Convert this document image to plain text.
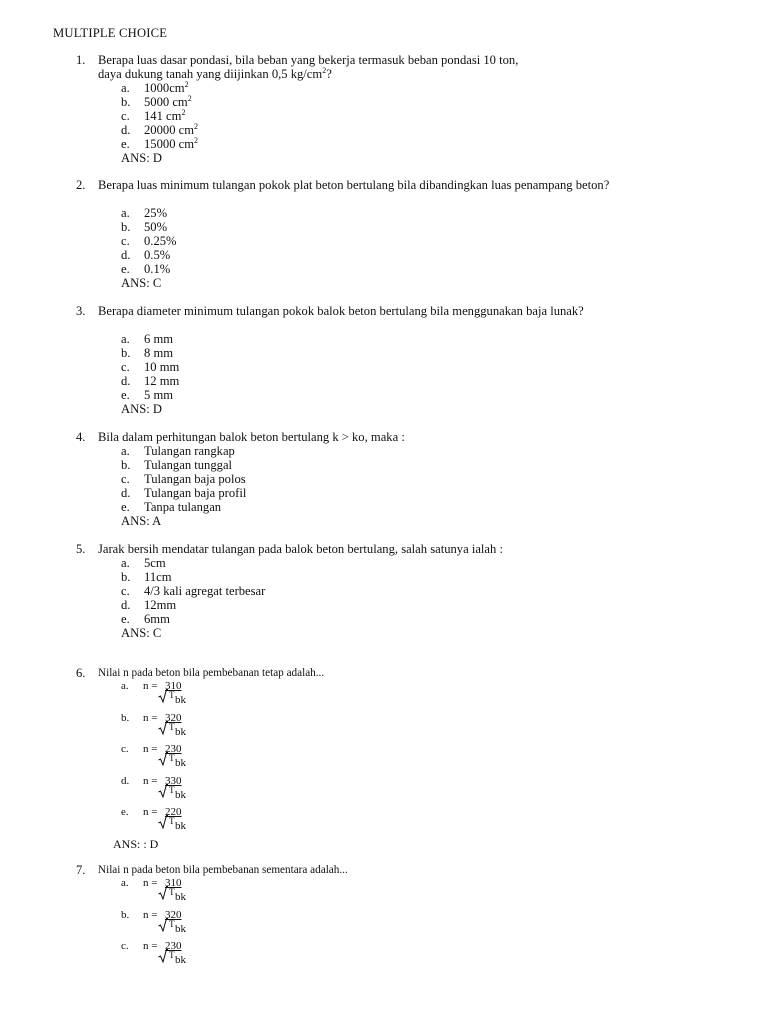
MULTIPLE CHOICE
1. Berapa luas dasar pondasi, bila beban yang bekerja termasuk beban pondasi 10 ton,
daya dukung tanah yang diijinkan 0,5 $kg/cm^2$?
a. $1000cm^2$
b. 5000 $cm^2$
c. 141 $cm^2$
d. 20000 $cm^2$
e. 15000 $cm^2$
ANS: D
2. Berapa luas minimum tulangan pokok plat beton bertulang bila dibandingkan luas penampang beton?
a. 25%
b. 50%
c. 0.25%
d. 0.5%
e. 0.1%
ANS: C
3. Berapa diameter minimum tulangan pokok balok beton bertulang bila menggunakan baja lunak?
a. 6 mm
b. 8 mm
c. 10 mm
d. 12 mm
e. 5 mm
ANS: D
4. Bila dalam perhitungan balok beton bertulang k > ko, maka :
a. Tulangan rangkap
b. Tulangan tunggal
c. Tulangan baja polos
d. Tulangan baja profil
e. Tanpa tulangan
ANS: A
5. Jarak bersih mendatar tulangan pada balok beton bertulang, salah satunya ialah :
a. 5cm
b. 11cm
c. 4/3 kali agregat terbesar
d. 12mm
e. 6mm
ANS: C
6. Nilai n pada beton bila pembebanan tetap adalah...
a. n = 310
T bk
b. n = 320
T bk
c. n = 230
T bk
d. n = 330
T bk
e. n = 220
T bk
ANS: : D
7. Nilai n pada beton bila pembebanan sementara adalah...
a. n = 310
T bk
b. n = 320
T bk
c. n = 230
T bk
